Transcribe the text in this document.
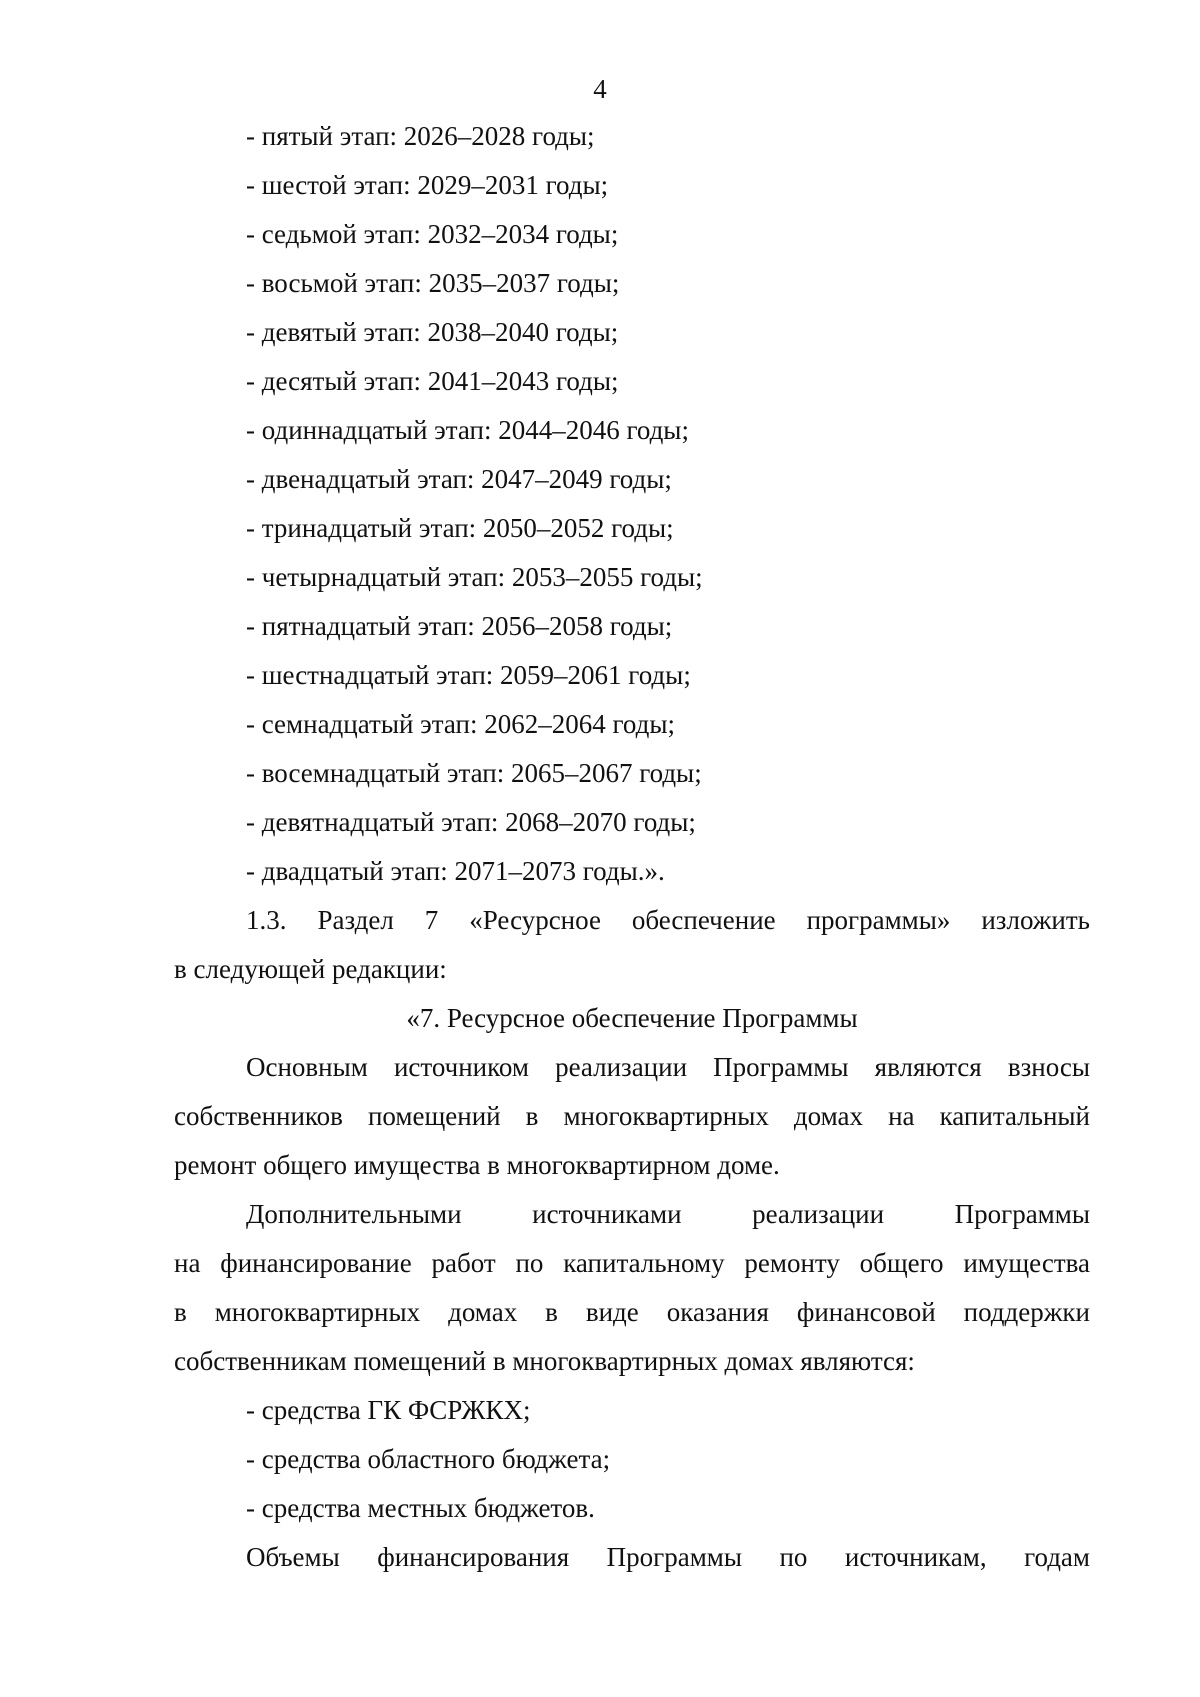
4
- пятый этап: 2026–2028 годы;
- шестой этап: 2029–2031 годы;
- седьмой этап: 2032–2034 годы;
- восьмой этап: 2035–2037 годы;
- девятый этап: 2038–2040 годы;
- десятый этап: 2041–2043 годы;
- одиннадцатый этап: 2044–2046 годы;
- двенадцатый этап: 2047–2049 годы;
- тринадцатый этап: 2050–2052 годы;
- четырнадцатый этап: 2053–2055 годы;
- пятнадцатый этап: 2056–2058 годы;
- шестнадцатый этап: 2059–2061 годы;
- семнадцатый этап: 2062–2064 годы;
- восемнадцатый этап: 2065–2067 годы;
- девятнадцатый этап: 2068–2070 годы;
- двадцатый этап: 2071–2073 годы.».
1.3. Раздел 7 «Ресурсное обеспечение программы» изложить
в следующей редакции:
«7. Ресурсное обеспечение Программы
Основным источником реализации Программы являются взносы
собственников помещений в многоквартирных домах на капитальный
ремонт общего имущества в многоквартирном доме.
Дополнительными источниками реализации Программы
на финансирование работ по капитальному ремонту общего имущества
в многоквартирных домах в виде оказания финансовой поддержки
собственникам помещений в многоквартирных домах являются:
- средства ГК ФСРЖКХ;
- средства областного бюджета;
- средства местных бюджетов.
Объемы финансирования Программы по источникам, годам
